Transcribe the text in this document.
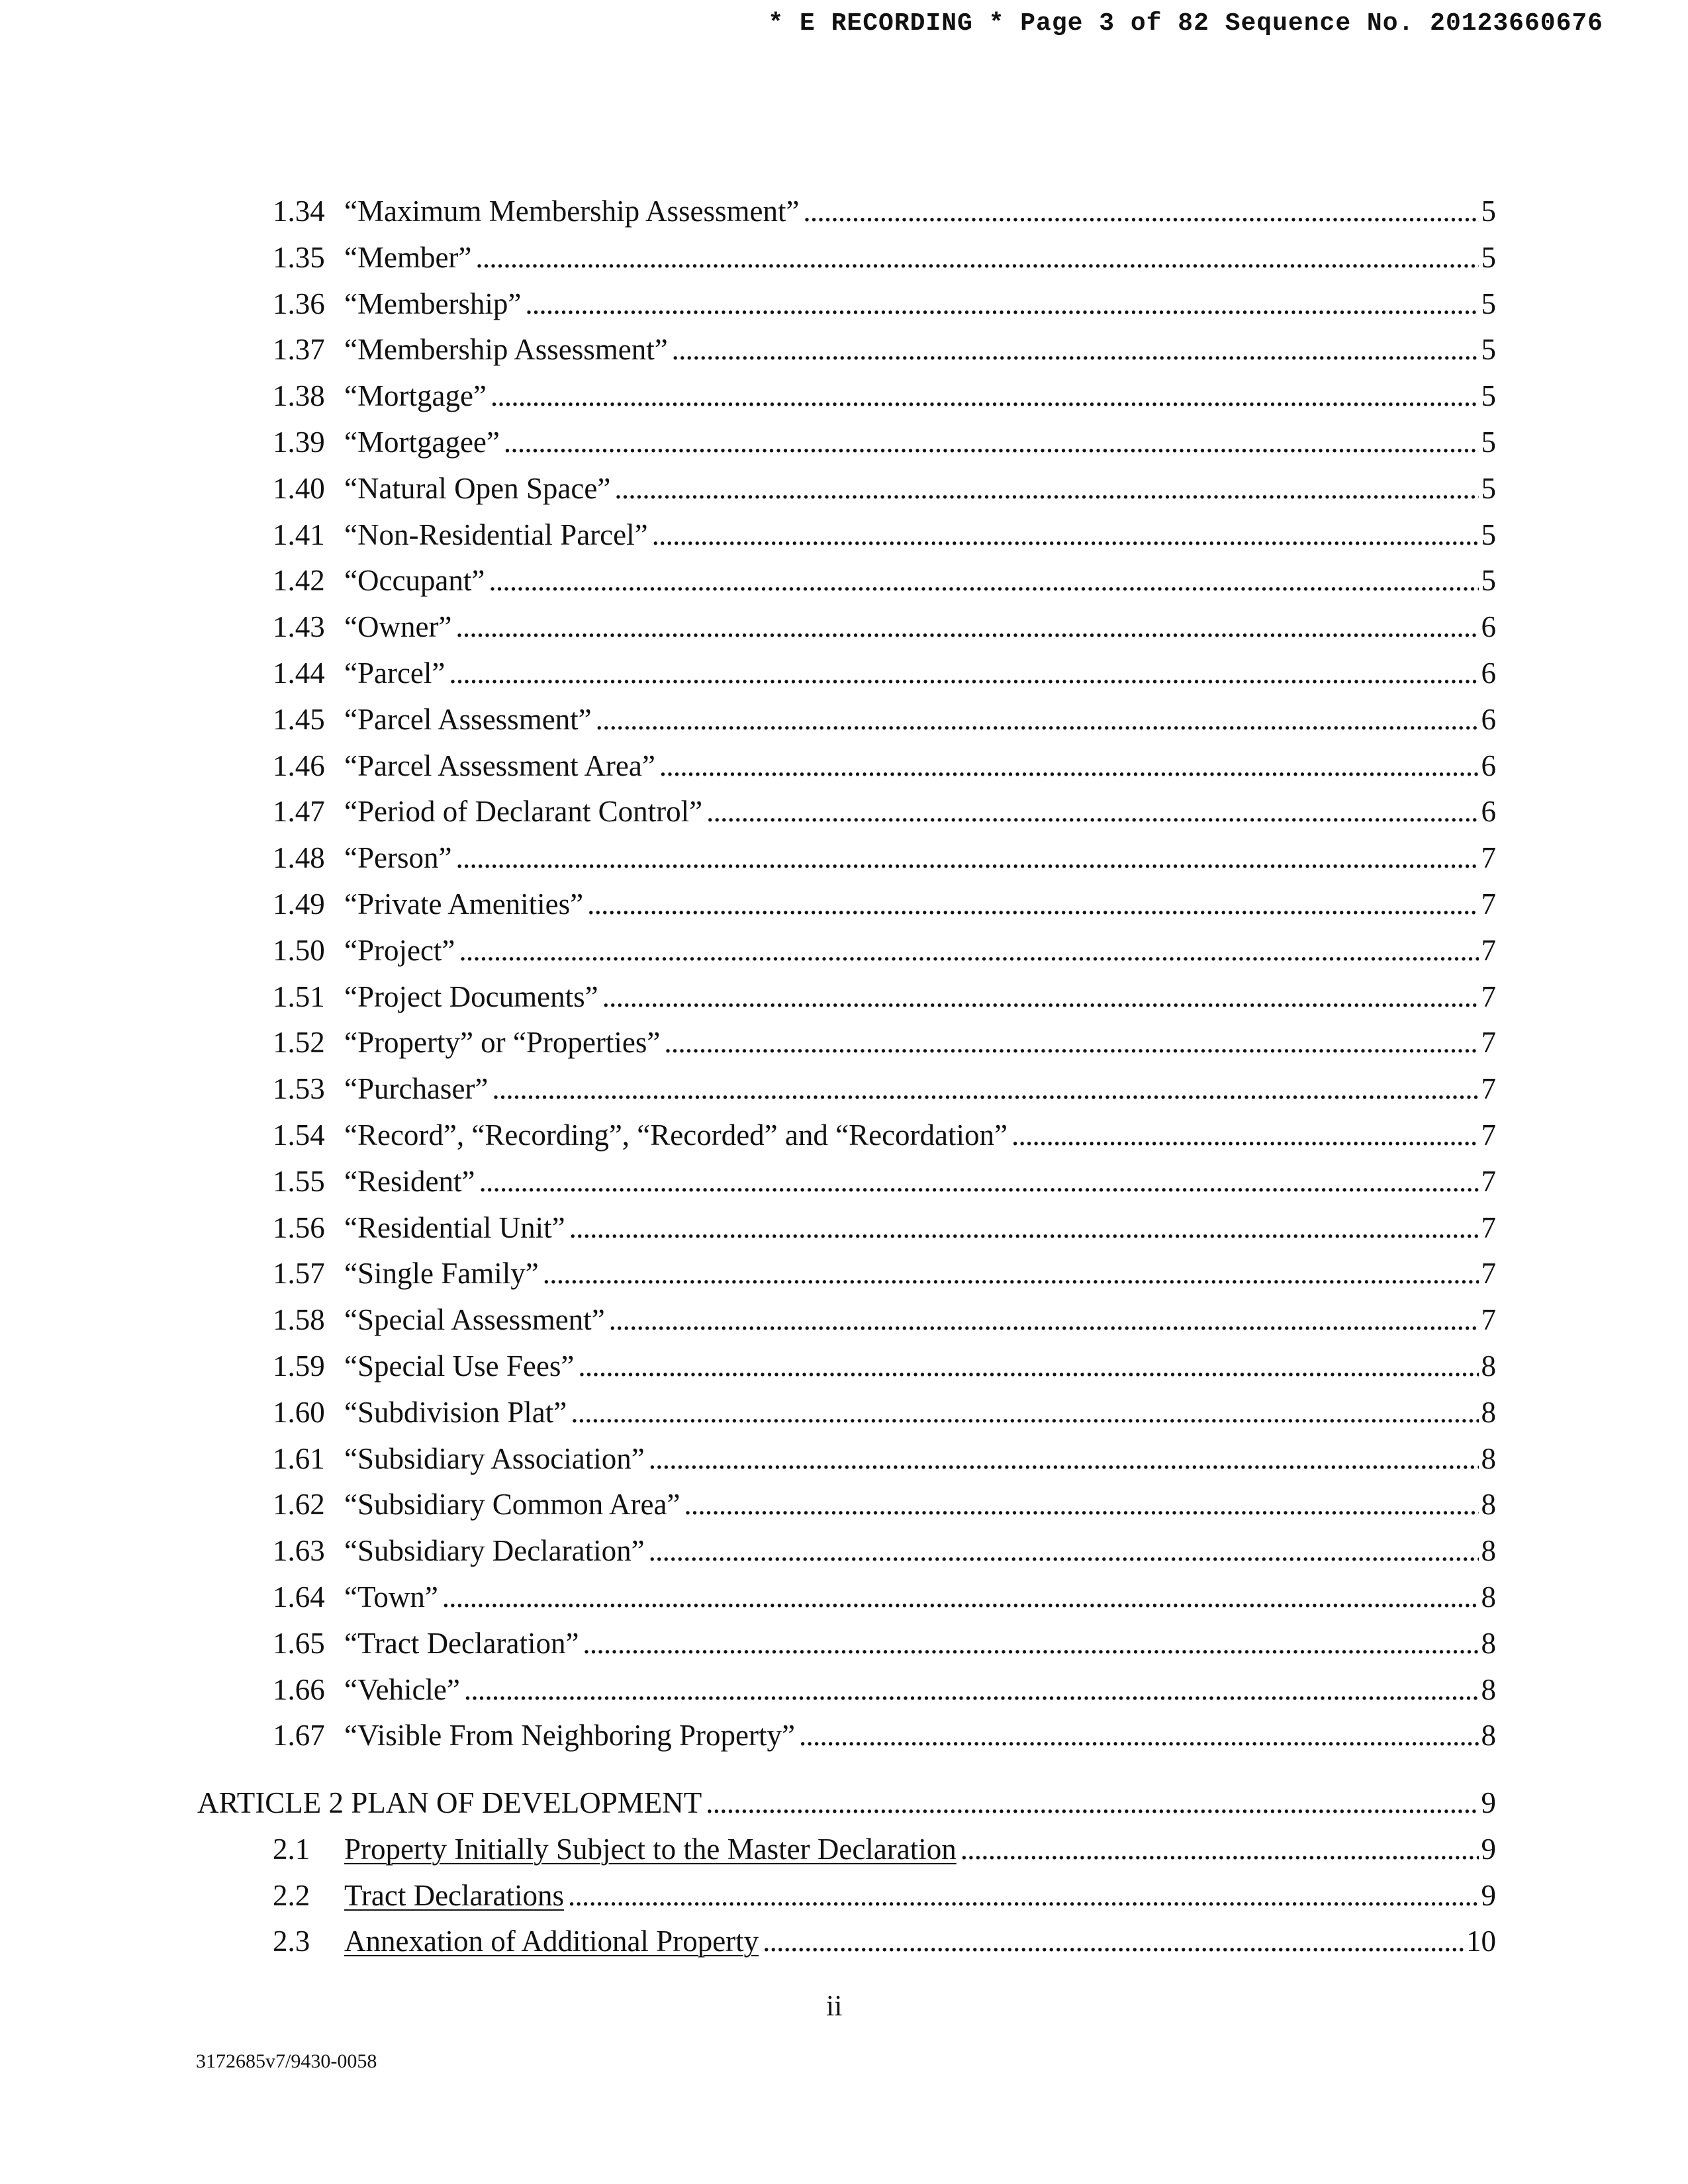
* E RECORDING * Page 3 of 82 Sequence No. 20123660676
1.34 “Maximum Membership Assessment” . . .	5
1.35 “Member” . . .	5
1.36 “Membership” . . .	5
1.37 “Membership Assessment” . . .	5
1.38 “Mortgage” . . .	5
1.39 “Mortgagee” . . .	5
1.40 “Natural Open Space” . . .	5
1.41 “Non-Residential Parcel” . . .	5
1.42 “Occupant” . . .	5
1.43 “Owner” . . .	6
1.44 “Parcel” . . .	6
1.45 “Parcel Assessment” . . .	6
1.46 “Parcel Assessment Area” . . .	6
1.47 “Period of Declarant Control” . . .	6
1.48 “Person” . . .	7
1.49 “Private Amenities” . . .	7
1.50 “Project” . . .	7
1.51 “Project Documents” . . .	7
1.52 “Property” or “Properties” . . .	7
1.53 “Purchaser” . . .	7
1.54 “Record”, “Recording”, “Recorded” and “Recordation” . . .	7
1.55 “Resident” . . .	7
1.56 “Residential Unit” . . .	7
1.57 “Single Family” . . .	7
1.58 “Special Assessment” . . .	7
1.59 “Special Use Fees” . . .	8
1.60 “Subdivision Plat” . . .	8
1.61 “Subsidiary Association” . . .	8
1.62 “Subsidiary Common Area” . . .	8
1.63 “Subsidiary Declaration” . . .	8
1.64 “Town” . . .	8
1.65 “Tract Declaration” . . .	8
1.66 “Vehicle” . . .	8
1.67 “Visible From Neighboring Property” . . .	8
ARTICLE 2 PLAN OF DEVELOPMENT . . .	9
2.1 Property Initially Subject to the Master Declaration . . .	9
2.2 Tract Declarations . . .	9
2.3 Annexation of Additional Property . . .	10
ii
3172685v7/9430-0058
